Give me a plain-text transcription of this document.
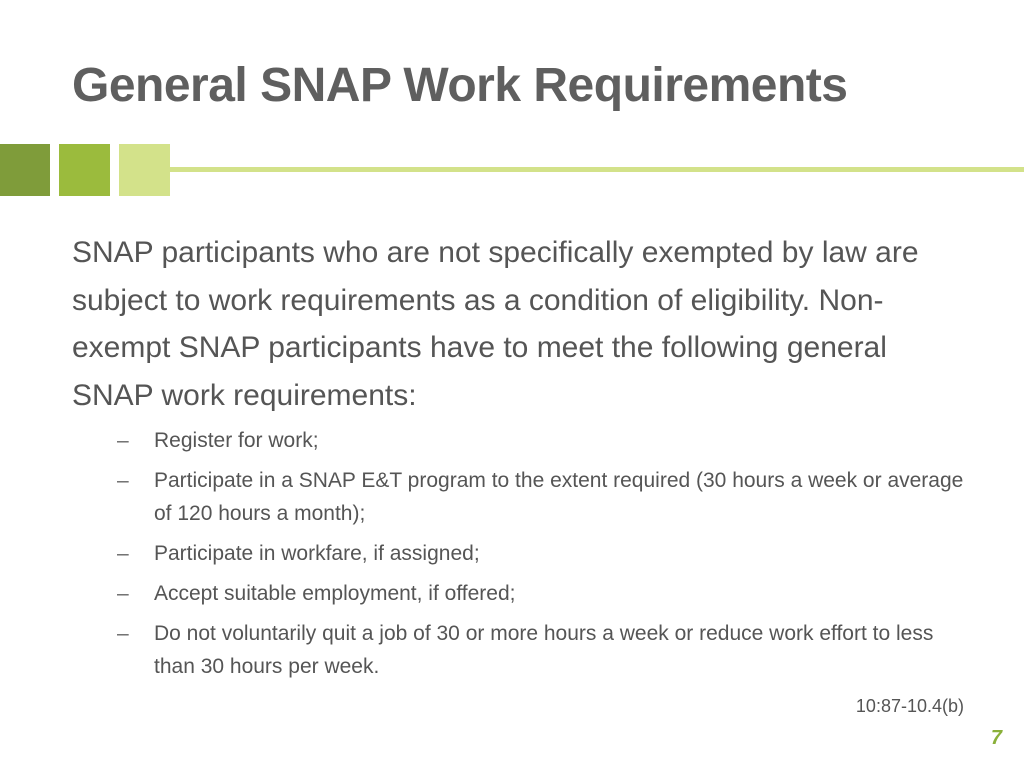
General SNAP Work Requirements

SNAP participants who are not specifically exempted by law are subject to work requirements as a condition of eligibility. Non-exempt SNAP participants have to meet the following general SNAP work requirements:

– Register for work;
– Participate in a SNAP E&T program to the extent required (30 hours a week or average of 120 hours a month);
– Participate in workfare, if assigned;
– Accept suitable employment, if offered;
– Do not voluntarily quit a job of 30 or more hours a week or reduce work effort to less than 30 hours per week.
10:87-10.4(b)
7
